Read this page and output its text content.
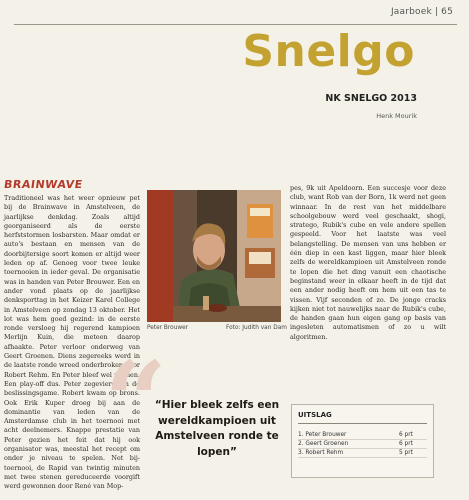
Jaarboek | 65
Snelgo
NK SNELGO 2013
Henk Mourik
BRAINWAVE
Traditioneel was het weer opnieuw pet bij de Brainwave in Amstelveen, de jaarlijkse denkdag. Zoals altijd georganiseerd als de eerste herfststormen losbarsten. Maar omdat er auto's bestaan en mensen van de doorbijtersige soort komen er altijd weer leden op af. Genoeg voor twee leuke toernooien in ieder geval. De organisatie was in handen van Peter Brouwer. Een en ander vond plaats op de jaarlijkse denksporttag in het Keizer Karel College in Amstelveen op zondag 13 oktober. Het lot was hem goed gezind: in de eerste ronde versloeg hij regerend kampioen Merlijn Kuin, die meteen daarop afhaakte. Peter verloor onderweg van Geert Groenen. Diens zegereeks werd in de laatste ronde wreed onderbroken door Robert Rehm. En Peter bleef wel winnen. Een play-off dus. Peter zegevierde in de beslissingsgame. Robert kwam op brons. Ook Erik Kuper droeg bij aan de dominantie van leden van de Amsterdamse club in het toernooi met acht deelnemers. Knappe prestatie van Peter gezien het feit dat hij ook organisator was, meestal het recept om onder je niveau te spelen. Net bij-toernooi, de Rapid van twintig minuten met twee stenen gereduceerde voorgift werd gewonnen door René van Mop-
Peter Brouwer	Foto: Judith van Dam
pes, 9k uit Apeldoorn. Een succesje voor deze club, want Rob van der Born, 1k werd net geen winnaar. In de rest van het middelbare schoolgebouw werd veel geschaakt, shogi, stratego, Rubik's cube en vele andere spellen gespeeld. Voor het laatste was veel belangstelling. De mensen van uns hebben er één diep in een kast liggen, maar hier bleek zelfs de wereldkampioen uit Amstelveen ronde te lopen die het ding vanuit een chaotische beginstand weer in elkaar heeft in de tijd dat een ander nodig heeft om hem uit een tas te vissen. Vijf seconden of zo. De jonge cracks kijken niet tot nauwelijks naar de Rubik's cube, de handen gaan hun eigen gang op basis van ingesleten automatismen of zo u wilt algoritmen.
“
“Hier bleek zelfs een wereldkampioen uit Amstelveen ronde te lopen”
UITSLAG
1. Peter Brouwer	6 prt
2. Geert Groenen	6 prt
3. Robert Rehm	5 prt
